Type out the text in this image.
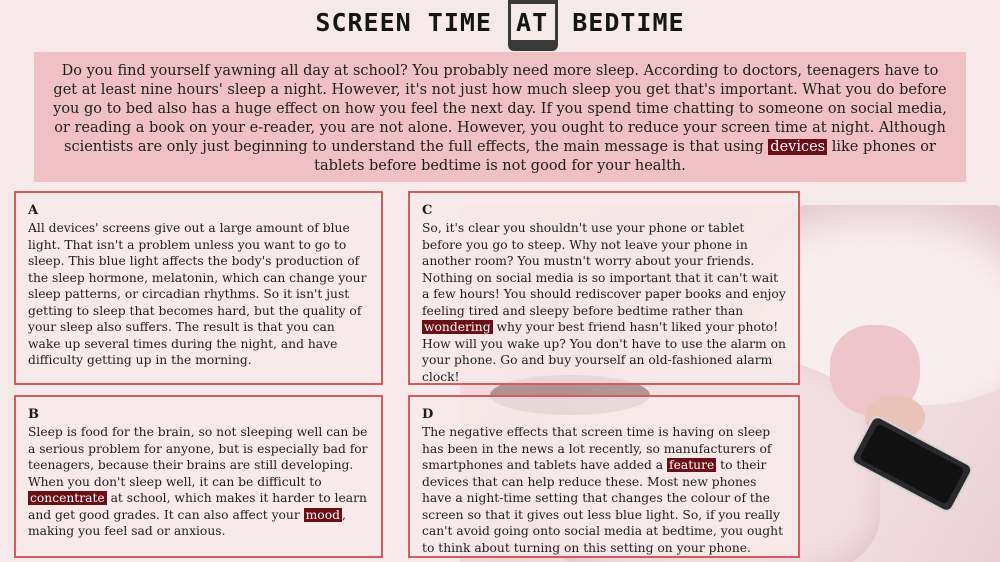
SCREEN TIME AT BEDTIME

Do you find yourself yawning all day at school? You probably need more sleep. According to doctors, teenagers have to get at least nine hours' sleep a night. However, it's not just how much sleep you get that's important. What you do before you go to bed also has a huge effect on how you feel the next day. If you spend time chatting to someone on social media, or reading a book on your e-reader, you are not alone. However, you ought to reduce your screen time at night. Although scientists are only just beginning to understand the full effects, the main message is that using devices like phones or tablets before bedtime is not good for your health.

A

All devices' screens give out a large amount of blue light. That isn't a problem unless you want to go to sleep. This blue light affects the body's production of the sleep hormone, melatonin, which can change your sleep patterns, or circadian rhythms. So it isn't just getting to sleep that becomes hard, but the quality of your sleep also suffers. The result is that you can wake up several times during the night, and have difficulty getting up in the morning.

B

Sleep is food for the brain, so not sleeping well can be a serious problem for anyone, but is especially bad for teenagers, because their brains are still developing. When you don't sleep well, it can be difficult to concentrate at school, which makes it harder to learn and get good grades. It can also affect your mood , making you feel sad or anxious.

C

So, it's clear you shouldn't use your phone or tablet before you go to steep. Why not leave your phone in another room? You mustn't worry about your friends. Nothing on social media is so important that it can't wait a few hours! You should rediscover paper books and enjoy feeling tired and sleepy before bedtime rather than wondering why your best friend hasn't liked your photo! How will you wake up? You don't have to use the alarm on your phone. Go and buy yourself an old-fashioned alarm clock!

D

The negative effects that screen time is having on sleep has been in the news a lot recently, so manufacturers of smartphones and tablets have added a feature to their devices that can help reduce these. Most new phones have a night-time setting that changes the colour of the screen so that it gives out less blue light. So, if you really can't avoid going onto social media at bedtime, you ought to think about turning on this setting on your phone.
